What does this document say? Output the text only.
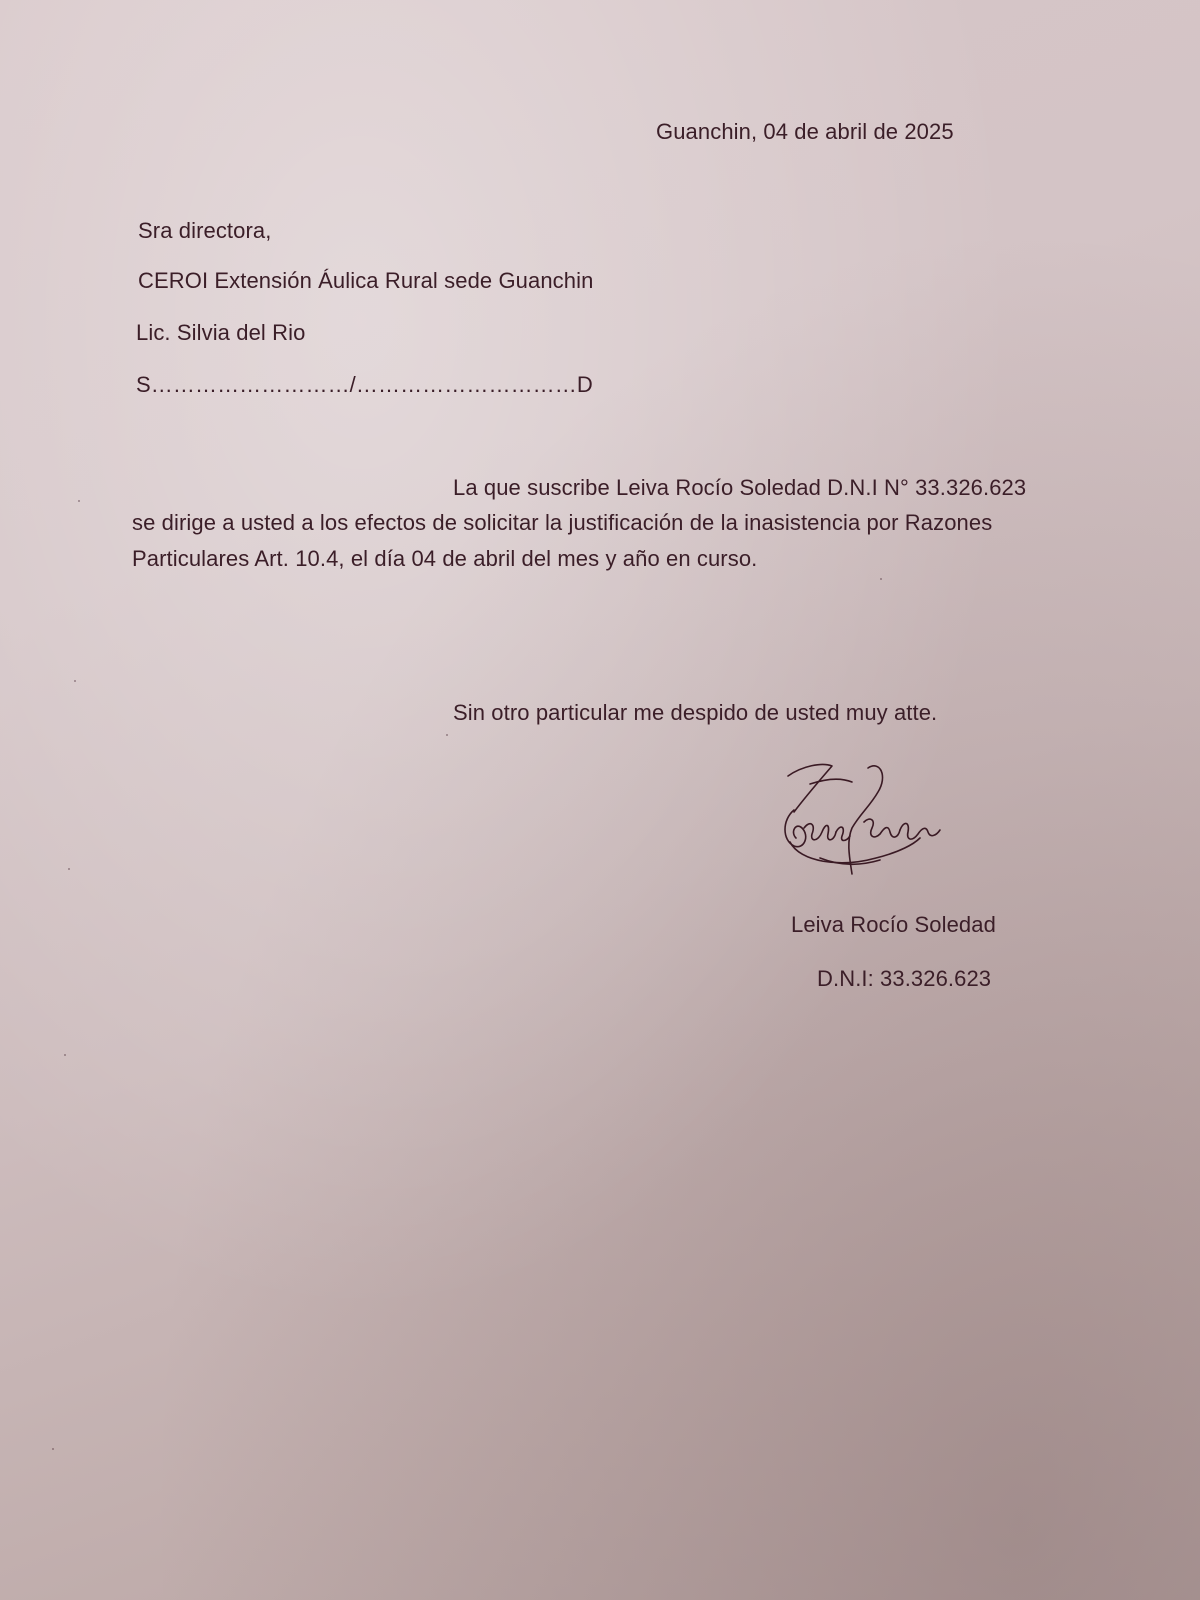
Guanchin, 04 de abril de 2025
Sra directora,
CEROI Extensión Áulica Rural sede Guanchin
Lic. Silvia del Rio
S………………………/…………………………D
La que suscribe Leiva Rocío Soledad D.N.I N° 33.326.623
se dirige a usted a los efectos de solicitar la justificación de la inasistencia por Razones
Particulares Art. 10.4, el día 04 de abril del mes y año en curso.
Sin otro particular me despido de usted muy atte.
Leiva Rocío Soledad
D.N.I: 33.326.623
